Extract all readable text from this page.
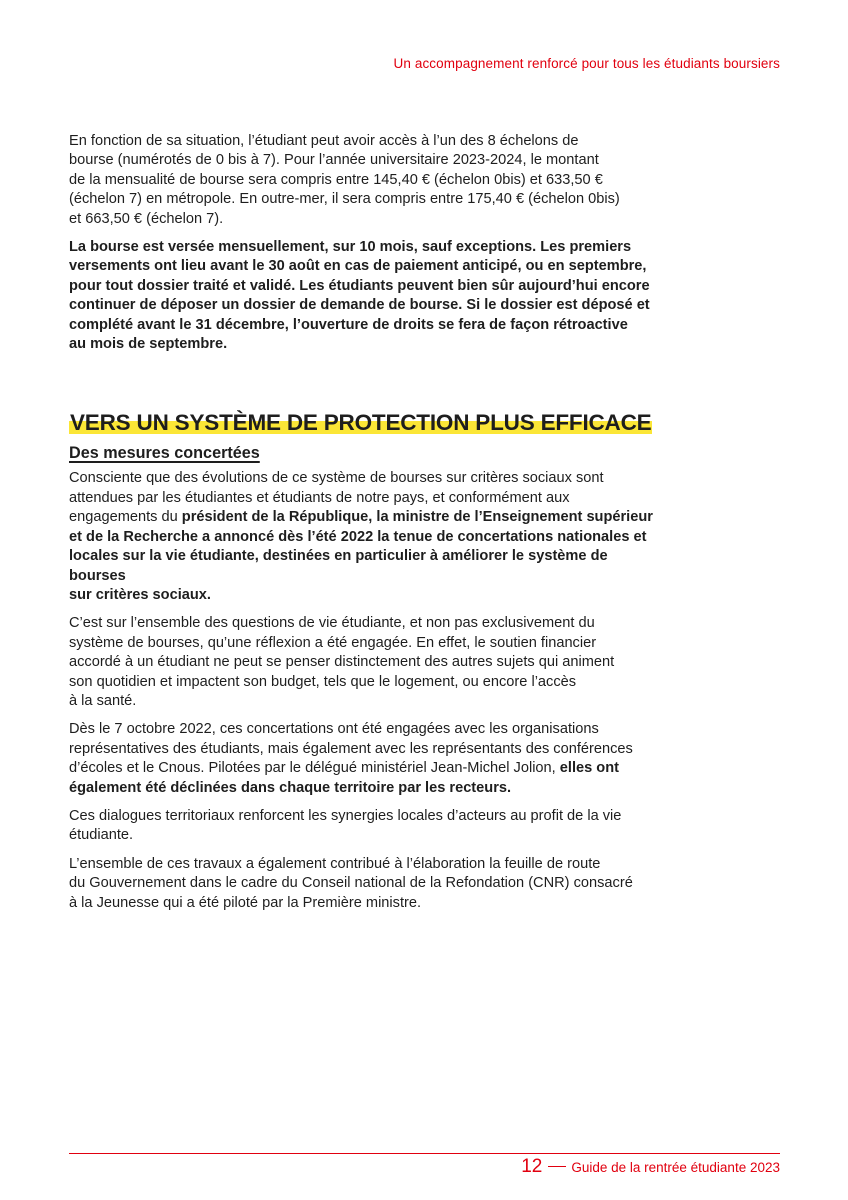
Un accompagnement renforcé pour tous les étudiants boursiers

En fonction de sa situation, l’étudiant peut avoir accès à l’un des 8 échelons de
bourse (numérotés de 0 bis à 7). Pour l’année universitaire 2023-2024, le montant
de la mensualité de bourse sera compris entre 145,40 € (échelon 0bis) et 633,50 €
(échelon 7) en métropole. En outre-mer, il sera compris entre 175,40 € (échelon 0bis)
et 663,50 € (échelon 7).

La bourse est versée mensuellement, sur 10 mois, sauf exceptions. Les premiers
versements ont lieu avant le 30 août en cas de paiement anticipé, ou en septembre,
pour tout dossier traité et validé. Les étudiants peuvent bien sûr aujourd’hui encore
continuer de déposer un dossier de demande de bourse. Si le dossier est déposé et
complété avant le 31 décembre, l’ouverture de droits se fera de façon rétroactive
au mois de septembre.

VERS UN SYSTÈME DE PROTECTION PLUS EFFICACE
Des mesures concertées

Consciente que des évolutions de ce système de bourses sur critères sociaux sont
attendues par les étudiantes et étudiants de notre pays, et conformément aux
engagements du président de la République, la ministre de l’Enseignement supérieur
et de la Recherche a annoncé dès l’été 2022 la tenue de concertations nationales et
locales sur la vie étudiante, destinées en particulier à améliorer le système de bourses
sur critères sociaux.

C’est sur l’ensemble des questions de vie étudiante, et non pas exclusivement du
système de bourses, qu’une réflexion a été engagée. En effet, le soutien financier
accordé à un étudiant ne peut se penser distinctement des autres sujets qui animent
son quotidien et impactent son budget, tels que le logement, ou encore l’accès
à la santé.

Dès le 7 octobre 2022, ces concertations ont été engagées avec les organisations
représentatives des étudiants, mais également avec les représentants des conférences
d’écoles et le Cnous. Pilotées par le délégué ministériel Jean-Michel Jolion, elles ont
également été déclinées dans chaque territoire par les recteurs.

Ces dialogues territoriaux renforcent les synergies locales d’acteurs au profit de la vie
étudiante.

L’ensemble de ces travaux a également contribué à l’élaboration la feuille de route
du Gouvernement dans le cadre du Conseil national de la Refondation (CNR) consacré
à la Jeunesse qui a été piloté par la Première ministre.

12 Guide de la rentrée étudiante 2023
